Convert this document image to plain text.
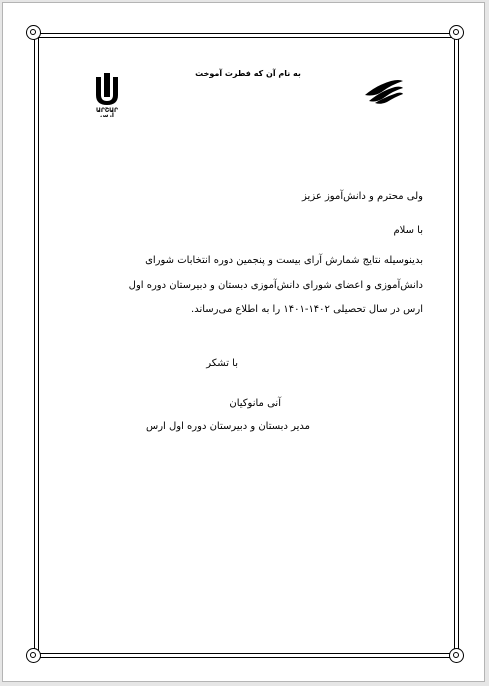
به نام آن که فطرت آموخت
ԱՐՇԱՐ
ارس
ولی محترم و دانش‌آموز عزیز
با سلام
بدینوسیله نتایج شمارش آرای بیست و پنجمین دوره انتخابات شورای
دانش‌آموزی و اعضای شورای دانش‌آموزی دبستان و دبیرستان دوره اول
ارس در سال تحصیلی ۱۴۰۲-۱۴۰۱ را به اطلاع می‌رساند.
با تشکر
آنی مانوکیان
مدیر دبستان و دبیرستان دوره اول ارس
